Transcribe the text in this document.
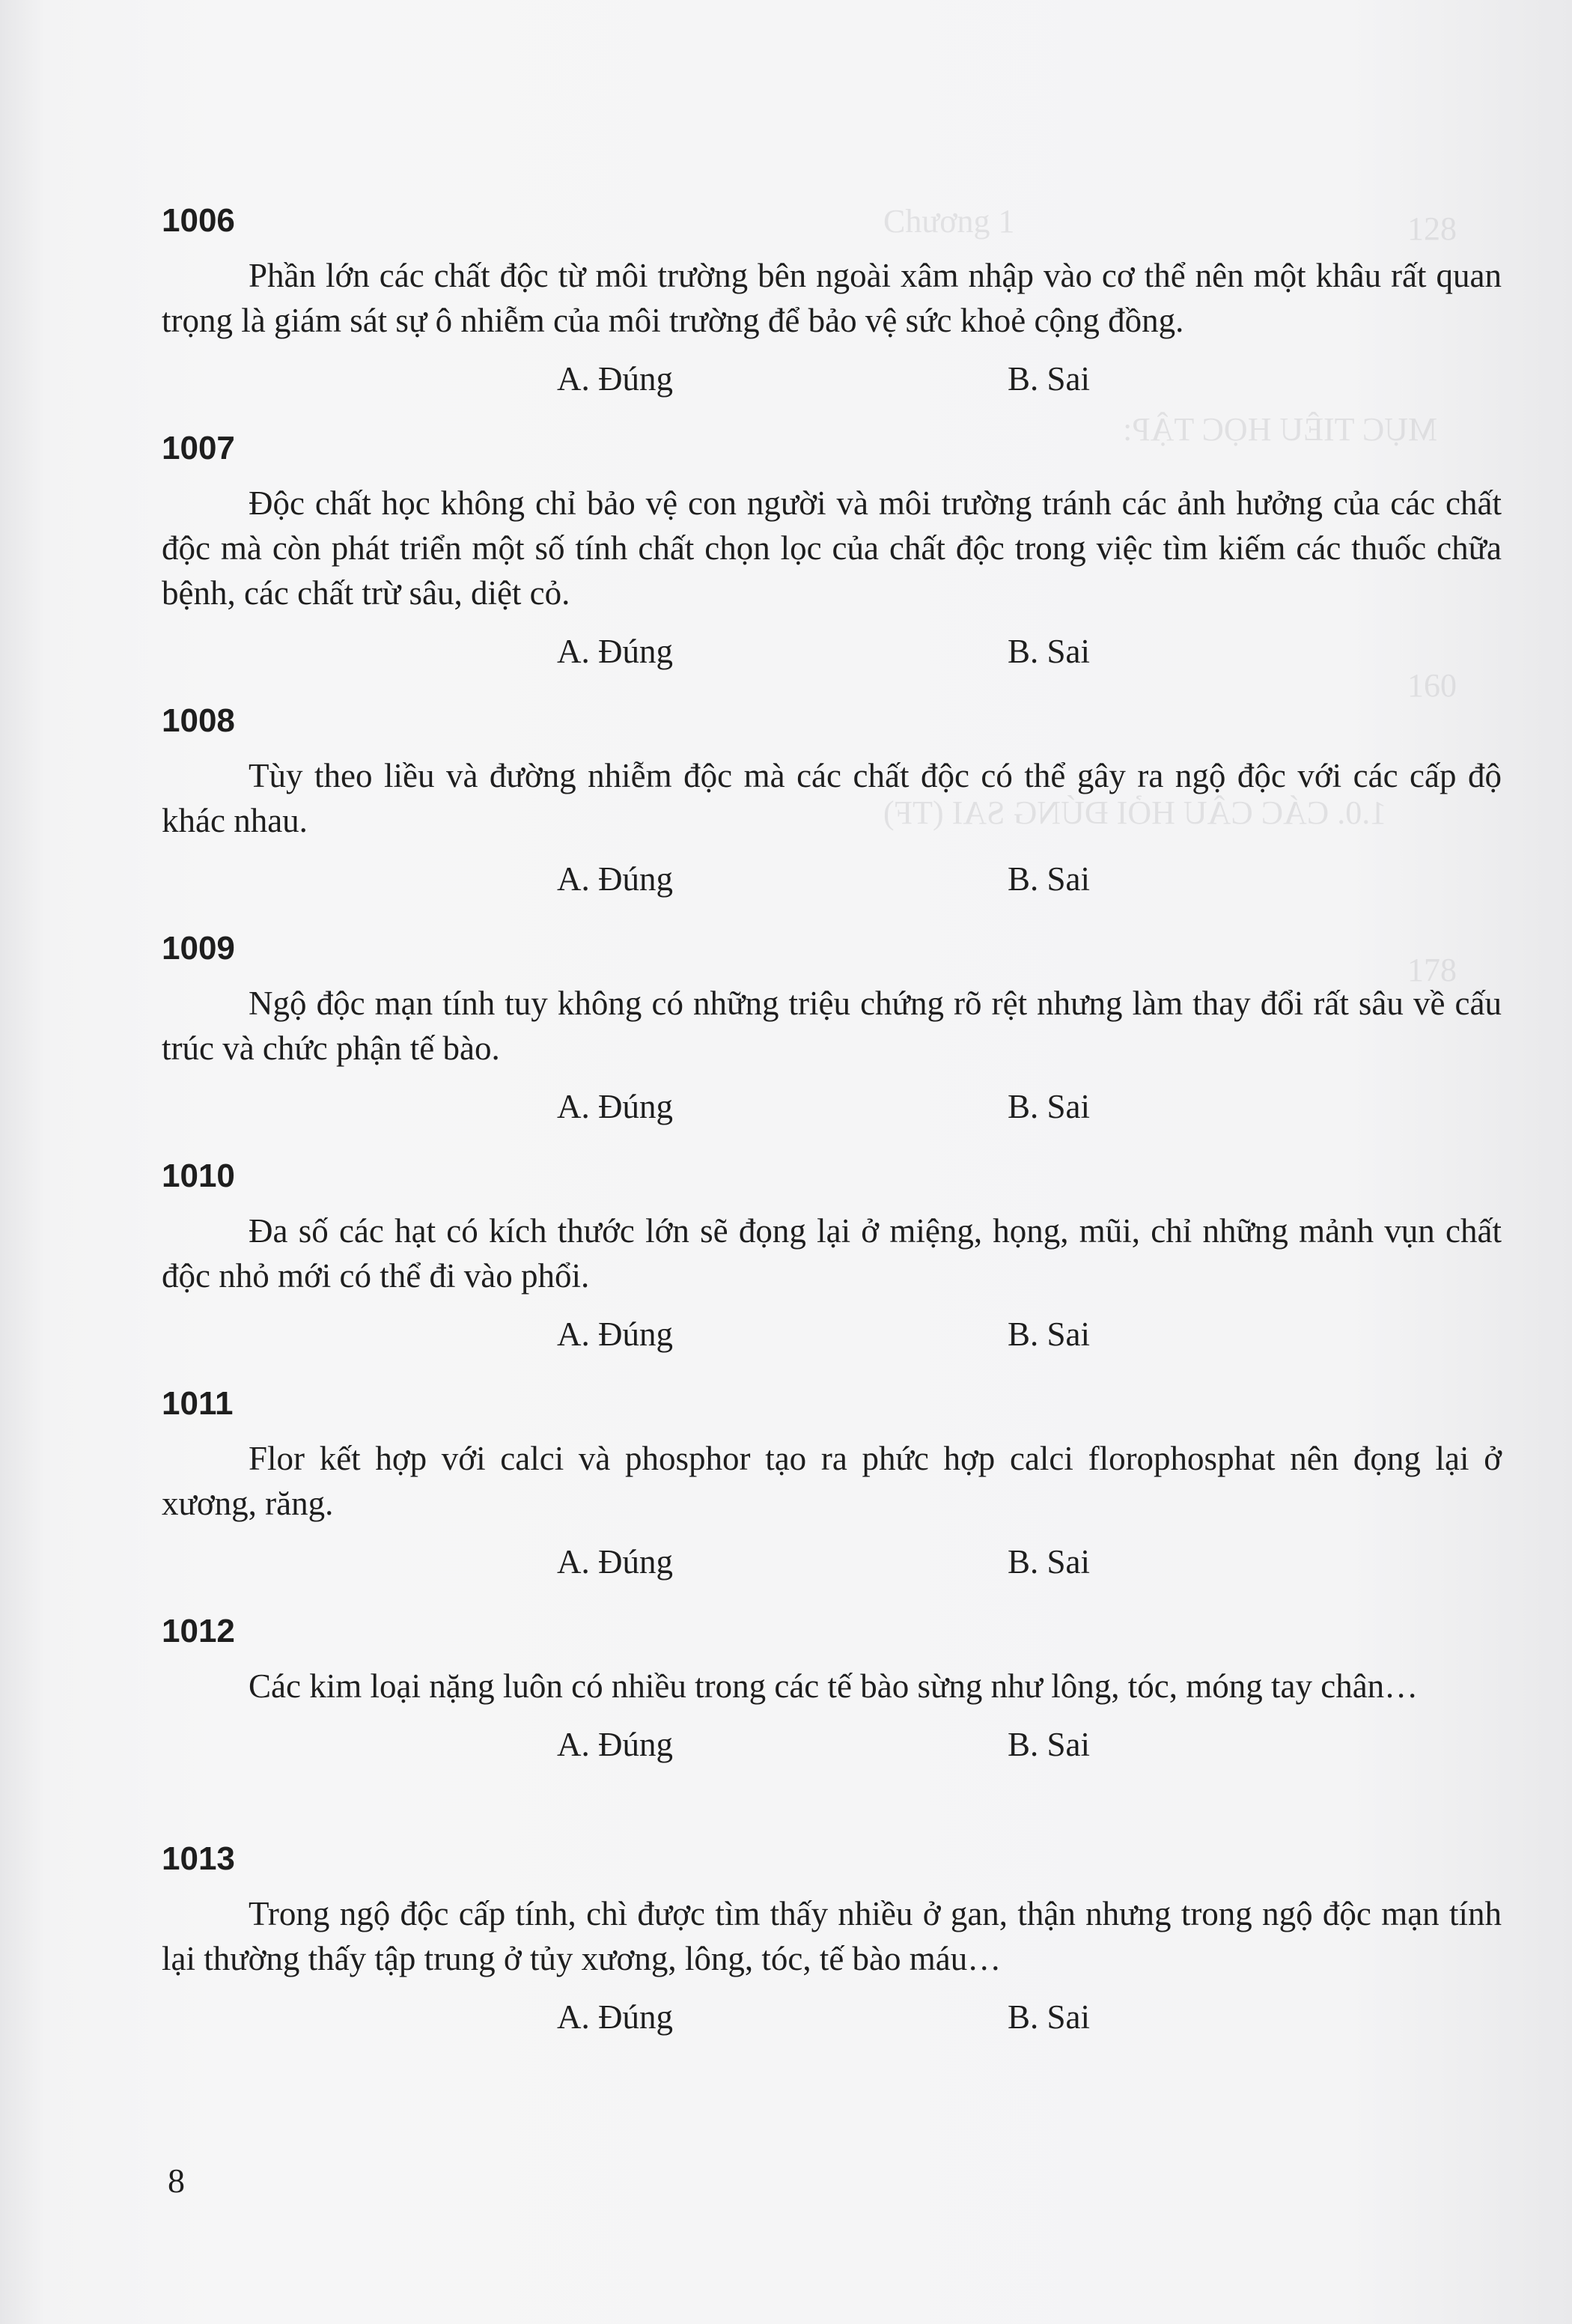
Chương 1
MỤC TIÊU HỌC TẬP:
1.0. CÁC CÂU HỎI ĐÚNG SAI (TF)
128
160
178

1006

Phần lớn các chất độc từ môi trường bên ngoài xâm nhập vào cơ thể nên một khâu rất quan trọng là giám sát sự ô nhiễm của môi trường để bảo vệ sức khoẻ cộng đồng.

A. Đúng	B. Sai

1007

Độc chất học không chỉ bảo vệ con người và môi trường tránh các ảnh hưởng của các chất độc mà còn phát triển một số tính chất chọn lọc của chất độc trong việc tìm kiếm các thuốc chữa bệnh, các chất trừ sâu, diệt cỏ.

A. Đúng	B. Sai

1008

Tùy theo liều và đường nhiễm độc mà các chất độc có thể gây ra ngộ độc với các cấp độ khác nhau.

A. Đúng	B. Sai

1009

Ngộ độc mạn tính tuy không có những triệu chứng rõ rệt nhưng làm thay đổi rất sâu về cấu trúc và chức phận tế bào.

A. Đúng	B. Sai

1010

Đa số các hạt có kích thước lớn sẽ đọng lại ở miệng, họng, mũi, chỉ những mảnh vụn chất độc nhỏ mới có thể đi vào phổi.

A. Đúng	B. Sai

1011

Flor kết hợp với calci và phosphor tạo ra phức hợp calci florophosphat nên đọng lại ở xương, răng.

A. Đúng	B. Sai

1012

Các kim loại nặng luôn có nhiều trong các tế bào sừng như lông, tóc, móng tay chân…

A. Đúng	B. Sai

1013

Trong ngộ độc cấp tính, chì được tìm thấy nhiều ở gan, thận nhưng trong ngộ độc mạn tính lại thường thấy tập trung ở tủy xương, lông, tóc, tế bào máu…

A. Đúng	B. Sai
8
